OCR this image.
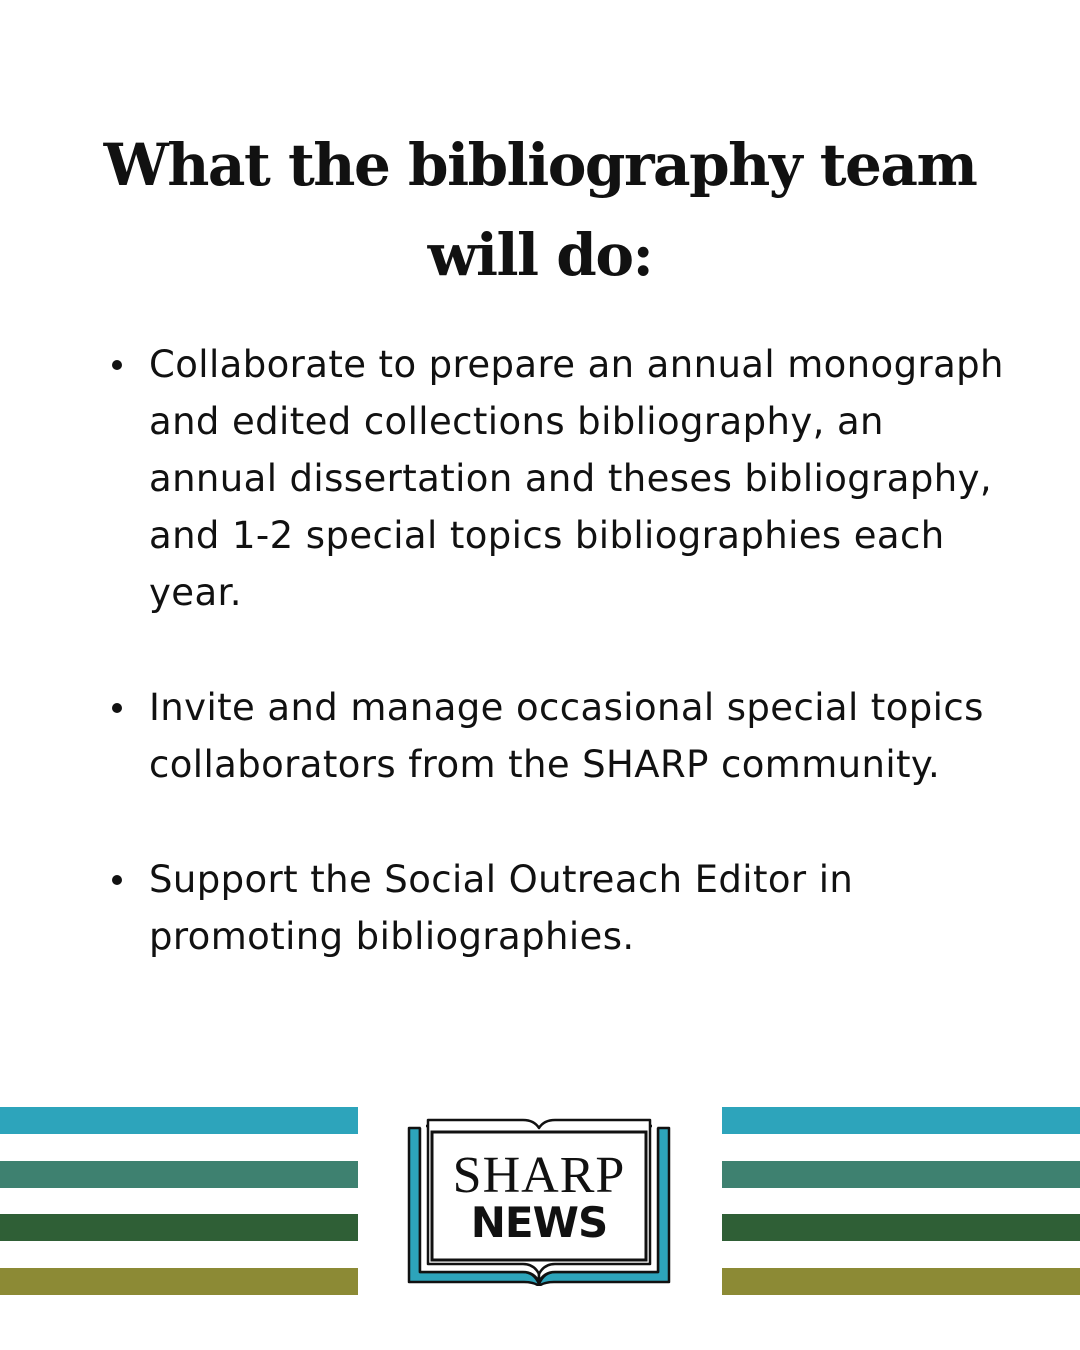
What the bibliography team
will do:
Collaborate to prepare an annual monograph and edited collections bibliography, an annual dissertation and theses bibliography, and 1-2 special topics bibliographies each year.
Invite and manage occasional special topics collaborators from the SHARP community.
Support the Social Outreach Editor in promoting bibliographies.
SHARP
NEWS
